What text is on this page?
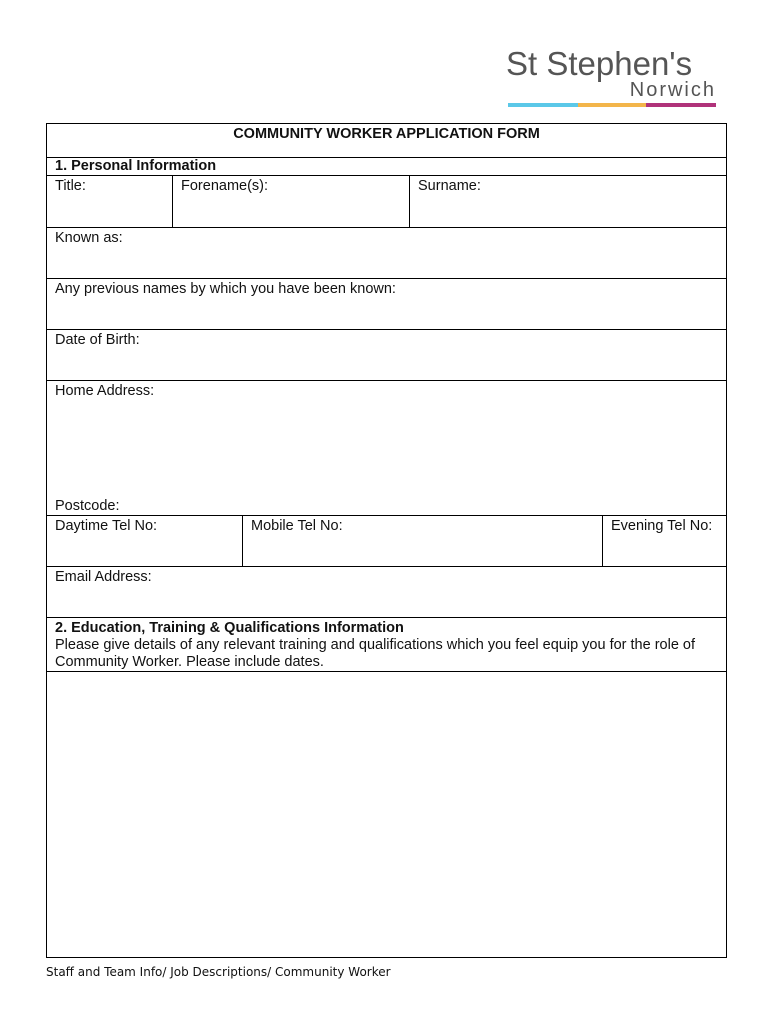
St Stephen's
Norwich
COMMUNITY WORKER APPLICATION FORM				
1. Personal Information				
Title:	Forename(s):		Surname:	
Known as:				
Any previous names by which you have been known:				
Date of Birth:				
Home Address:
Postcode:				

Daytime Tel No:		Mobile Tel No:		Evening Tel No:
Email Address:				

2. Education, Training & Qualifications Information
Please give details of any relevant training and qualifications which you feel equip you for the role of Community Worker. Please include dates.				

Staff and Team Info/ Job Descriptions/ Community Worker
